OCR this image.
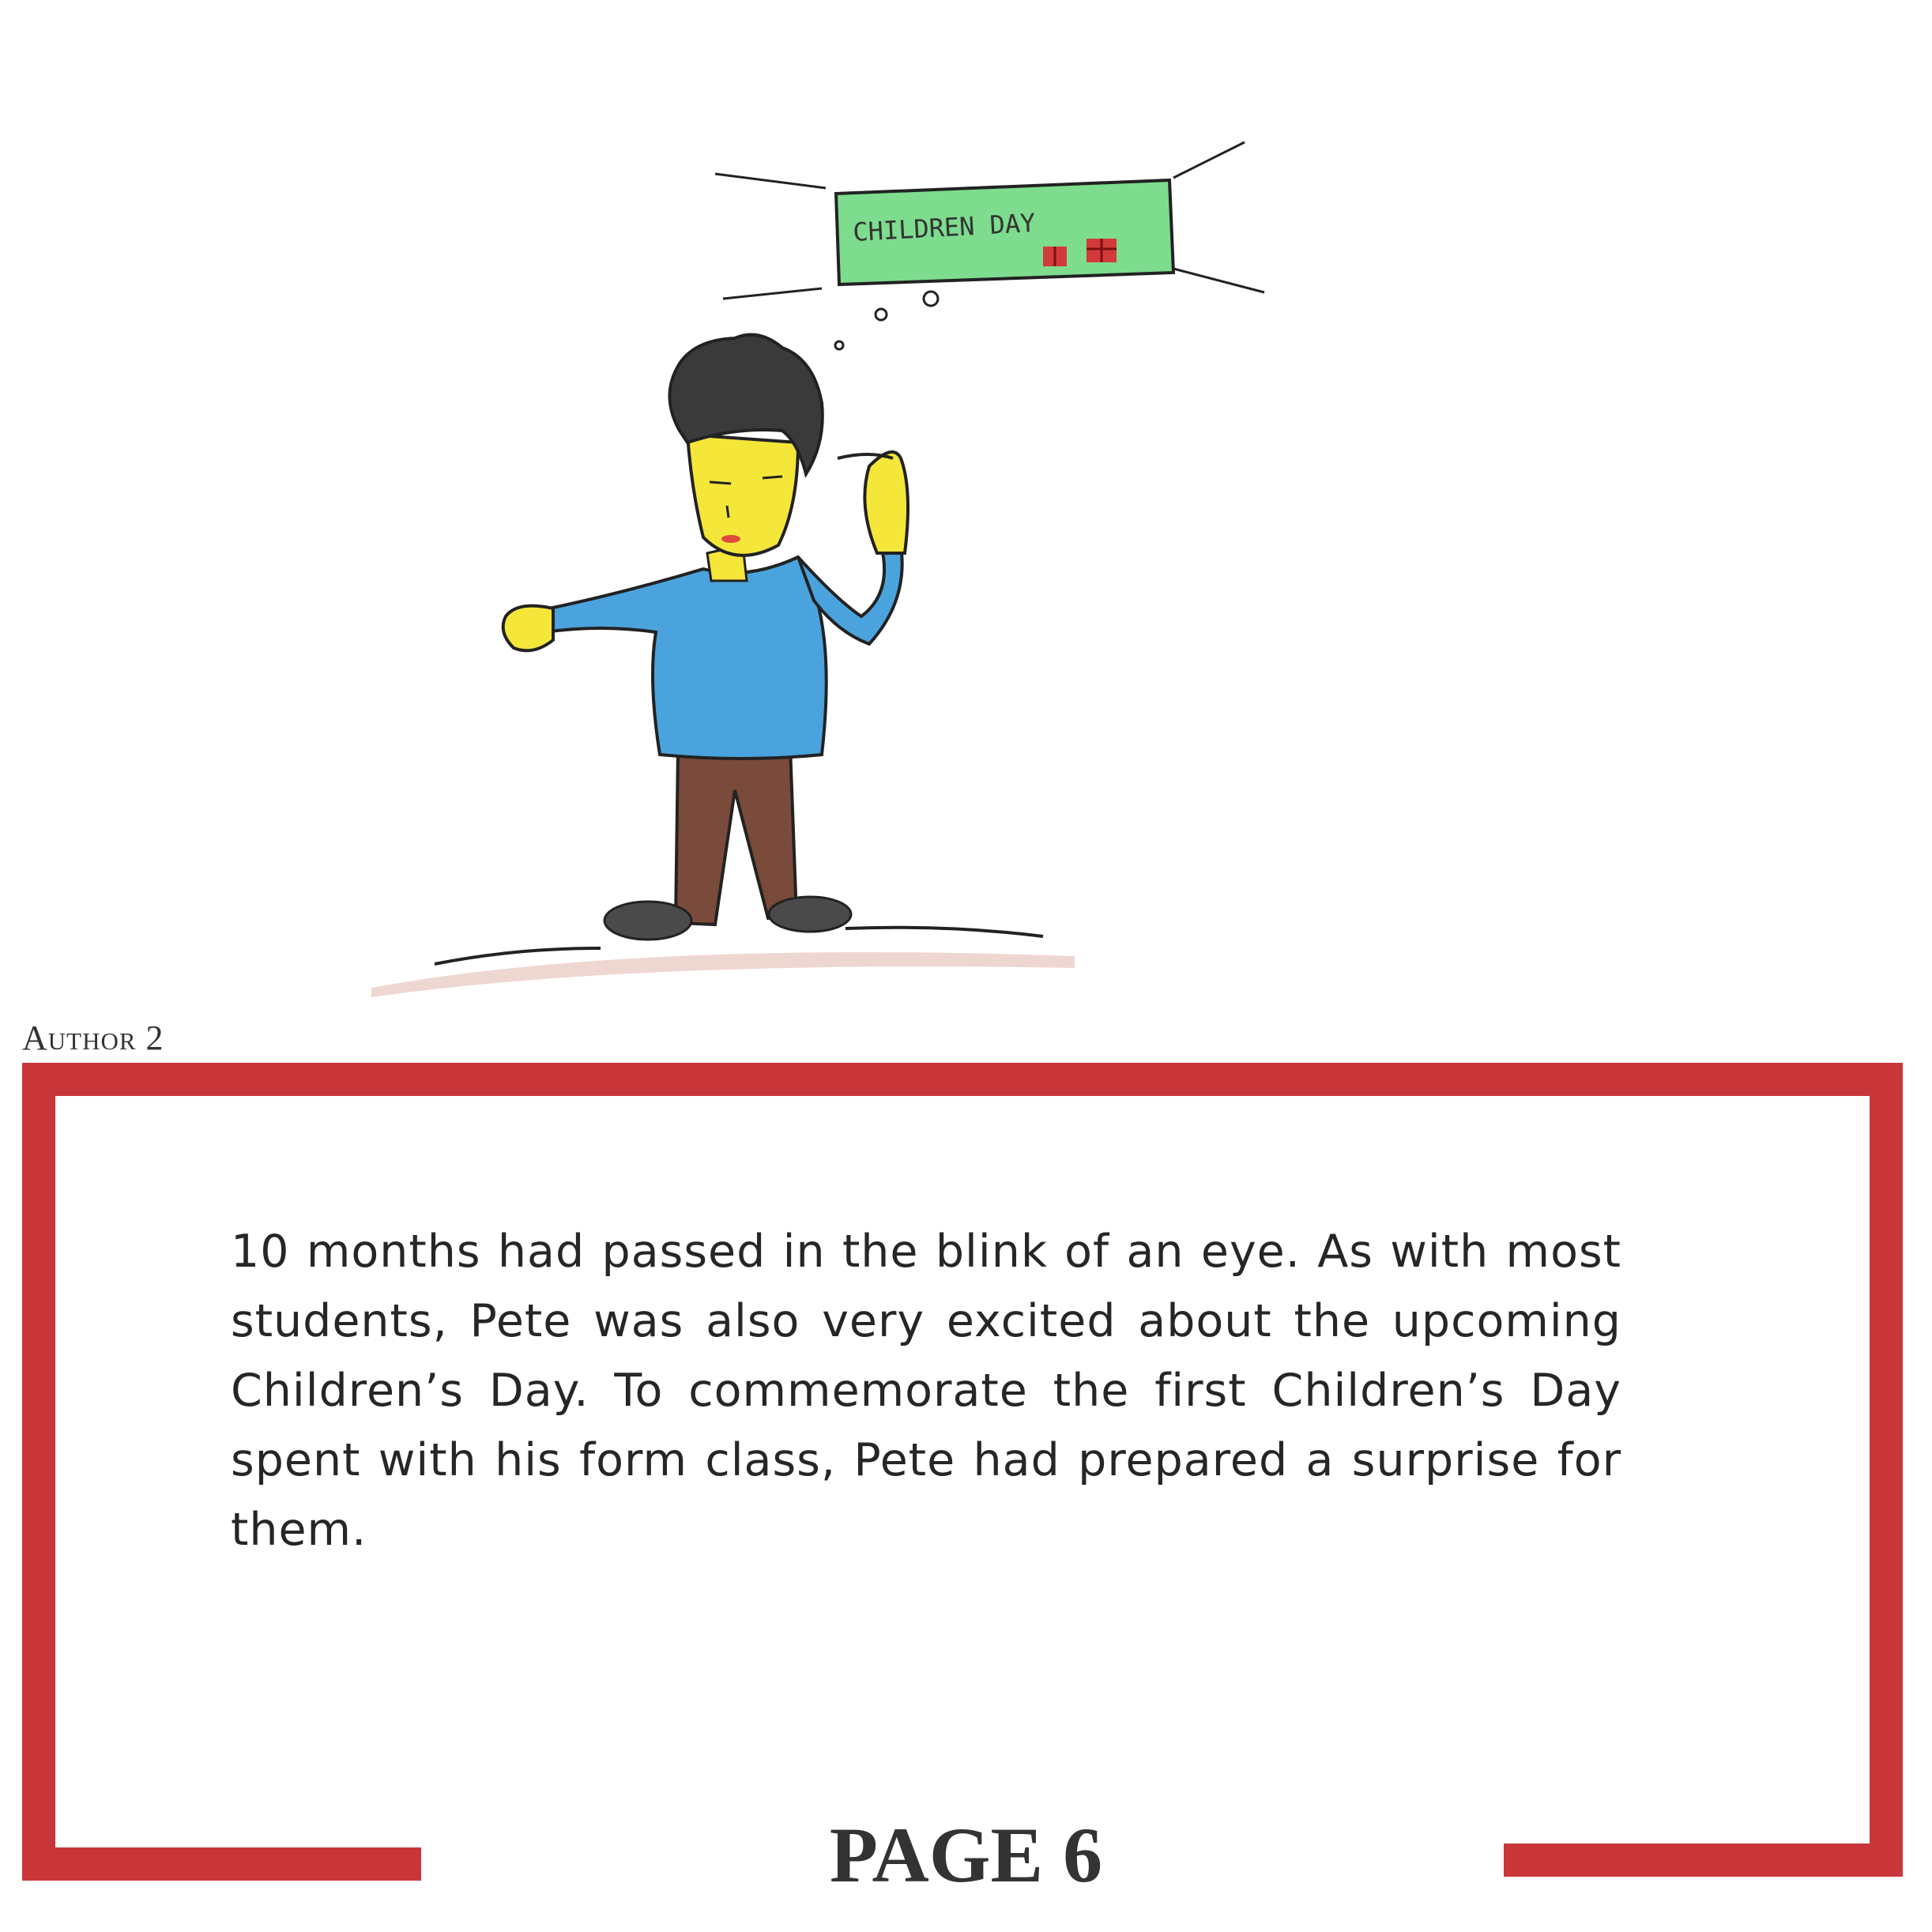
CHILDREN DAY
Author 2

10 months had passed in the blink of an eye. As with most students, Pete was also very excited about the upcoming Children’s Day. To commemorate the first Children’s Day spent with his form class, Pete had prepared a surprise for them.

PAGE 6
